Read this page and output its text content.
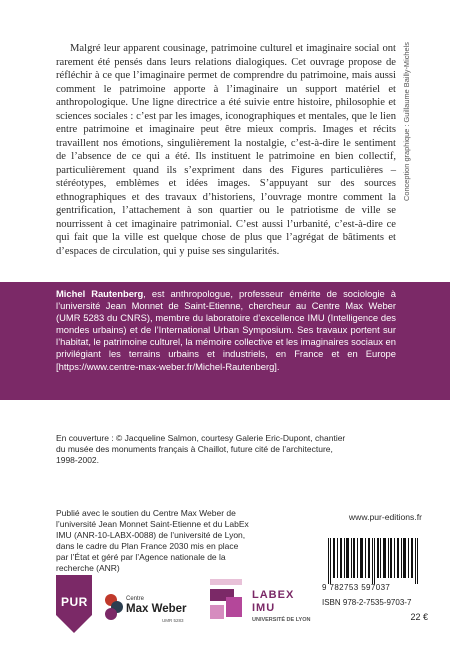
Malgré leur apparent cousinage, patrimoine culturel et imaginaire social ont rarement été pensés dans leurs relations dialogiques. Cet ouvrage propose de réfléchir à ce que l’imaginaire permet de comprendre du patrimoine, mais aussi comment le patrimoine apporte à l’imaginaire un support matériel et anthropologique. Une ligne directrice a été suivie entre histoire, philosophie et sciences sociales : c’est par les images, iconographiques et mentales, que le lien entre patrimoine et imaginaire peut être mieux compris. Images et récits travaillent nos émotions, singulièrement la nostalgie, c’est-à-dire le sentiment de l’absence de ce qui a été. Ils instituent le patrimoine en bien collectif, particulièrement quand ils s’expriment dans des Figures particulières – stéréotypes, emblèmes et idées images. S’appuyant sur des sources ethnographiques et des travaux d’historiens, l’ouvrage montre comment la gentrification, l’attachement à son quartier ou le patriotisme de ville se nourrissent à cet imaginaire patrimonial. C’est aussi l’urbanité, c’est-à-dire ce qui fait que la ville est quelque chose de plus que l’agrégat de bâtiments et d’espaces de circulation, qui y puise ses singularités.

Conception graphique : Guillaume Bailly-Michels

Michel Rautenberg, est anthropologue, professeur émérite de sociologie à l’université Jean Monnet de Saint-Etienne, chercheur au Centre Max Weber (UMR 5283 du CNRS), membre du laboratoire d’excellence IMU (Intelligence des mondes urbains) et de l’International Urban Symposium. Ses travaux portent sur l’habitat, le patrimoine culturel, la mémoire collective et les imaginaires sociaux en privilégiant les terrains urbains et industriels, en France et en Europe [https://www.centre-max-weber.fr/Michel-Rautenberg].

En couverture : © Jacqueline Salmon, courtesy Galerie Eric-Dupont, chantier du musée des monuments français à Chaillot, future cité de l’architecture, 1998-2002.

Publié avec le soutien du Centre Max Weber de l’université Jean Monnet Saint-Etienne et du LabEx IMU (ANR-10-LABX-0088) de l’université de Lyon, dans le cadre du Plan France 2030 mis en place par l’État et géré par l’Agence nationale de la recherche (ANR)

www.pur-editions.fr

9 782753 597037
ISBN 978-2-7535-9703-7
22 €
PUR	Centre
Max Weber
UMR 5283
LABEX
IMU
UNIVERSITÉ DE LYON
